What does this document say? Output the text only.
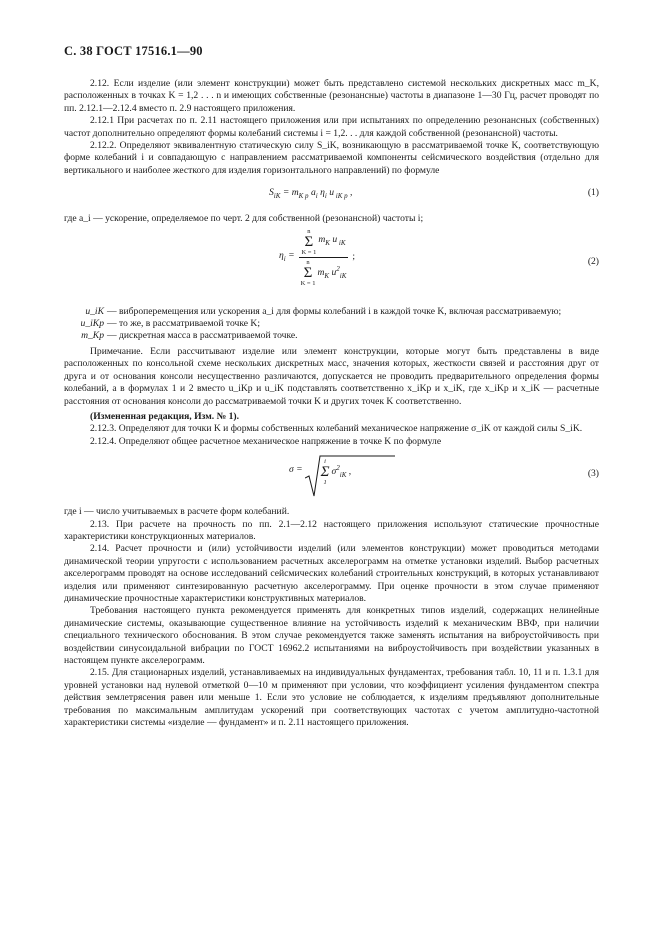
С. 38 ГОСТ 17516.1—90

2.12. Если изделие (или элемент конструкции) может быть представлено системой нескольких дискретных масс m_K, расположенных в точках K = 1,2 . . . n и имеющих собственные (резонансные) частоты в диапазоне 1—30 Гц, расчет проводят по пп. 2.12.1—2.12.4 вместо п. 2.9 настоящего приложения.

2.12.1 При расчетах по п. 2.11 настоящего приложения или при испытаниях по определению резонансных (собственных) частот дополнительно определяют формы колебаний системы i = 1,2. . . для каждой собственной (резонансной) частоты.

2.12.2. Определяют эквивалентную статическую силу S_iK, возникающую в рассматриваемой точке K, соответствующую форме колебаний i и совпадающую с направлением рассматриваемой компоненты сейсмического воздействия (отдельно для вертикального и наиболее жесткого для изделия горизонтального направлений) по формуле

$S_{iK} = m_{K p}$ $a_i$ $\eta_i$ u $_{iK p}$ ,	(1)

где a_i — ускорение, определяемое по черт. 2 для собственной (резонансной) частоты i;

$\eta_i = n$
Σ
K = 1
$m_K$ u $_{iK}$
n
Σ
K = 1
$m_K$ $u^2_{iK}$ ;	(2)
u_iK — виброперемещения или ускорения a_i для формы колебаний i в каждой точке K, включая рассматриваемую;
u_iKp — то же, в рассматриваемой точке K;
m_Kp — дискретная масса в рассматриваемой точке.

Примечание. Если рассчитывают изделие или элемент конструкции, которые могут быть представлены в виде расположенных по консольной схеме нескольких дискретных масс, значения которых, жесткости связей и расстояния друг от друга и от основания консоли несущественно различаются, допускается не проводить предварительного определения формы колебаний, а в формулах 1 и 2 вместо u_iKp и u_iK подставлять соответственно x_iKp и x_iK, где x_iKp и x_iK — расчетные расстояния от основания консоли до рассматриваемой точки K и других точек K соответственно.

(Измененная редакция, Изм. № 1).

2.12.3. Определяют для точки K и формы собственных колебаний механическое напряжение σ_iK от каждой силы S_iK.

2.12.4. Определяют общее расчетное механическое напряжение в точке K по формуле

σ =
i
Σ
1
$\sigma^2_{iK}$ ,	(3)

где i — число учитываемых в расчете форм колебаний.

2.13. При расчете на прочность по пп. 2.1—2.12 настоящего приложения используют статические прочностные характеристики конструкционных материалов.

2.14. Расчет прочности и (или) устойчивости изделий (или элементов конструкции) может проводиться методами динамической теории упругости с использованием расчетных акселерограмм на отметке установки изделий. Выбор расчетных акселерограмм проводят на основе исследований сейсмических колебаний строительных конструкций, в которых устанавливают изделия или применяют синтезированную расчетную акселерограмму. При оценке прочности в этом случае применяют динамические прочностные характеристики конструктивных материалов.

Требования настоящего пункта рекомендуется применять для конкретных типов изделий, содержащих нелинейные динамические системы, оказывающие существенное влияние на устойчивость изделий к механическим ВВФ, при наличии специального технического обоснования. В этом случае рекомендуется также заменять испытания на виброустойчивость при воздействии синусоидальной вибрации по ГОСТ 16962.2 испытаниями на виброустойчивость при воздействии указанных в настоящем пункте акселерограмм.

2.15. Для стационарных изделий, устанавливаемых на индивидуальных фундаментах, требования табл. 10, 11 и п. 1.3.1 для уровней установки над нулевой отметкой 0—10 м применяют при условии, что коэффициент усиления фундаментом спектра действия землетрясения равен или меньше 1. Если это условие не соблюдается, к изделиям предъявляют дополнительные требования по максимальным амплитудам ускорений при соответствующих частотах с учетом амплитудно-частотной характеристики системы «изделие — фундамент» и п. 2.11 настоящего приложения.
